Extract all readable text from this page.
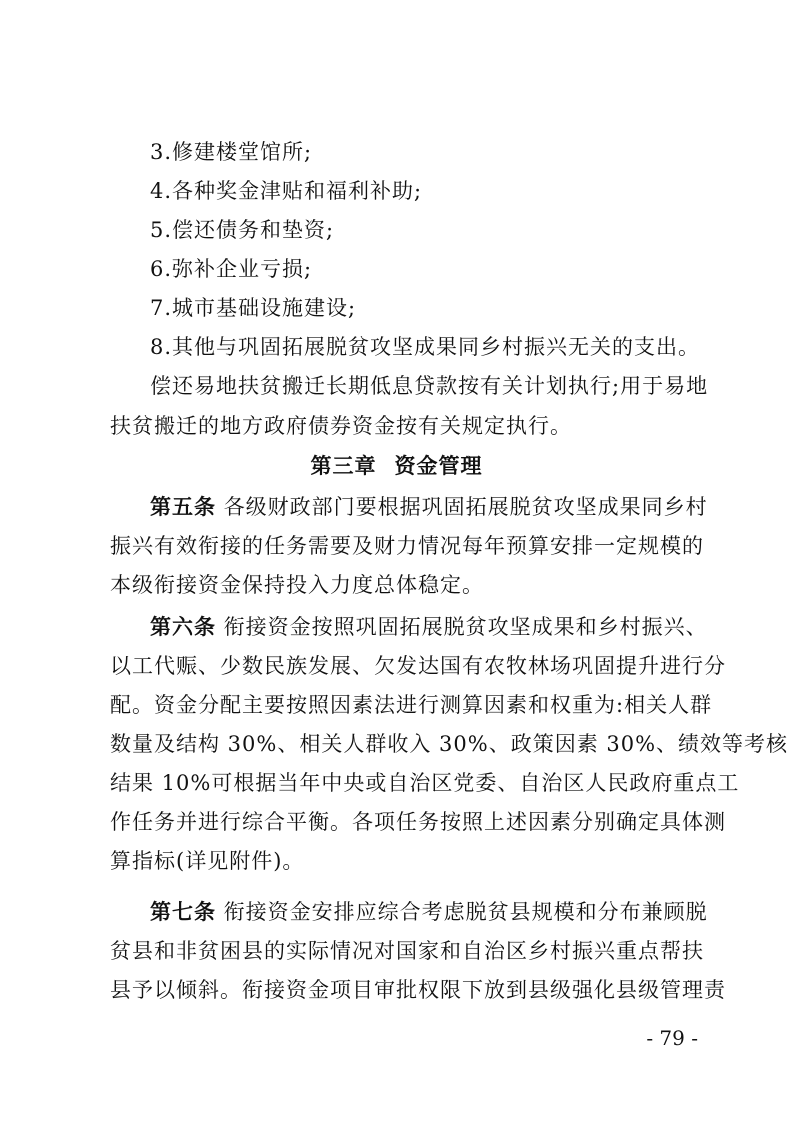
3.修建楼堂馆所;
4.各种奖金津贴和福利补助;
5.偿还债务和垫资;
6.弥补企业亏损;
7.城市基础设施建设;
8.其他与巩固拓展脱贫攻坚成果同乡村振兴无关的支出。
偿还易地扶贫搬迁长期低息贷款按有关计划执行;用于易地
扶贫搬迁的地方政府债券资金按有关规定执行。
第三章 资金管理
第五条 各级财政部门要根据巩固拓展脱贫攻坚成果同乡村
振兴有效衔接的任务需要及财力情况每年预算安排一定规模的
本级衔接资金保持投入力度总体稳定。
第六条 衔接资金按照巩固拓展脱贫攻坚成果和乡村振兴、
以工代赈、少数民族发展、欠发达国有农牧林场巩固提升进行分
配。资金分配主要按照因素法进行测算因素和权重为:相关人群
数量及结构 30%、相关人群收入 30%、政策因素 30%、绩效等考核
结果 10%可根据当年中央或自治区党委、自治区人民政府重点工
作任务并进行综合平衡。各项任务按照上述因素分别确定具体测
算指标(详见附件)。
第七条 衔接资金安排应综合考虑脱贫县规模和分布兼顾脱
贫县和非贫困县的实际情况对国家和自治区乡村振兴重点帮扶
县予以倾斜。衔接资金项目审批权限下放到县级强化县级管理责
- 79 -
